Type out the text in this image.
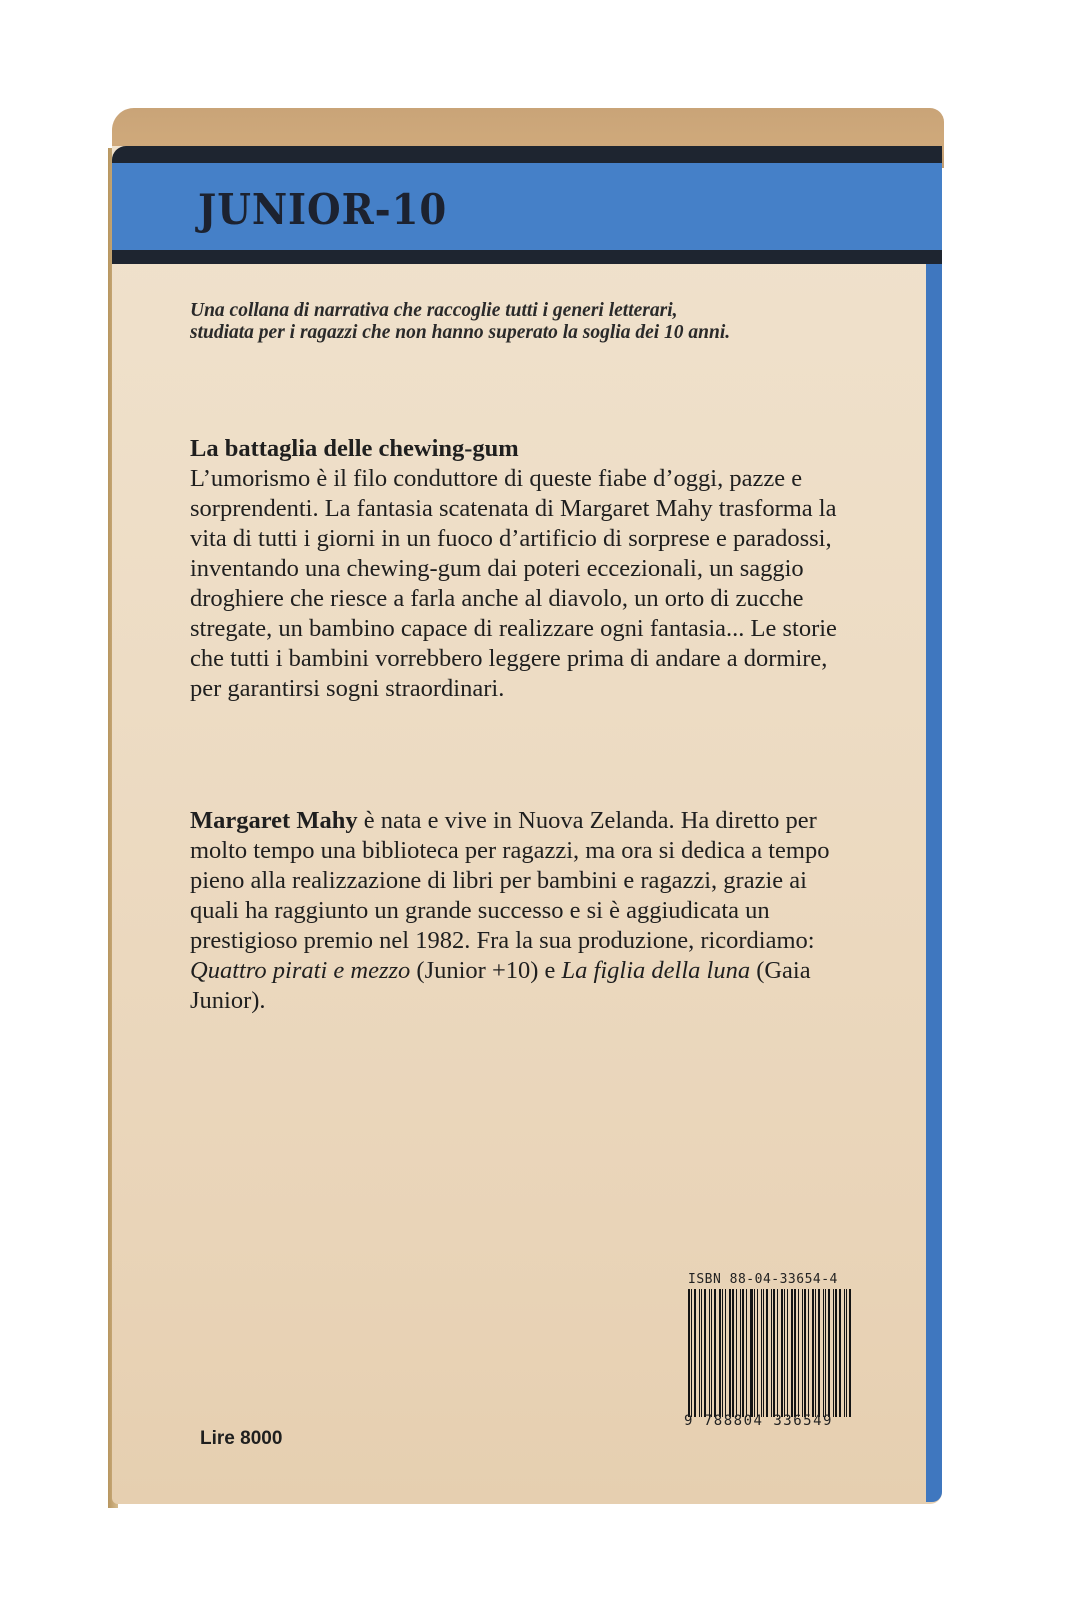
JUNIOR-10
Una collana di narrativa che raccoglie tutti i generi letterari,
studiata per i ragazzi che non hanno superato la soglia dei 10 anni.
La battaglia delle chewing-gum
L’umorismo è il filo conduttore di queste fiabe d’oggi, pazze e sorprendenti. La fantasia scatenata di Margaret Mahy trasforma la vita di tutti i giorni in un fuoco d’artificio di sorprese e paradossi, inventando una chewing-gum dai poteri eccezionali, un saggio droghiere che riesce a farla anche al diavolo, un orto di zucche stregate, un bambino capace di realizzare ogni fantasia... Le storie che tutti i bambini vorrebbero leggere prima di andare a dormire, per garantirsi sogni straordinari.
Margaret Mahy è nata e vive in Nuova Zelanda. Ha diretto per molto tempo una biblioteca per ragazzi, ma ora si dedica a tempo pieno alla realizzazione di libri per bambini e ragazzi, grazie ai quali ha raggiunto un grande successo e si è aggiudicata un prestigioso premio nel 1982. Fra la sua produzione, ricordiamo: Quattro pirati e mezzo (Junior +10) e La figlia della luna (Gaia Junior).
ISBN 88-04-33654-4
9 788804 336549
Lire 8000
